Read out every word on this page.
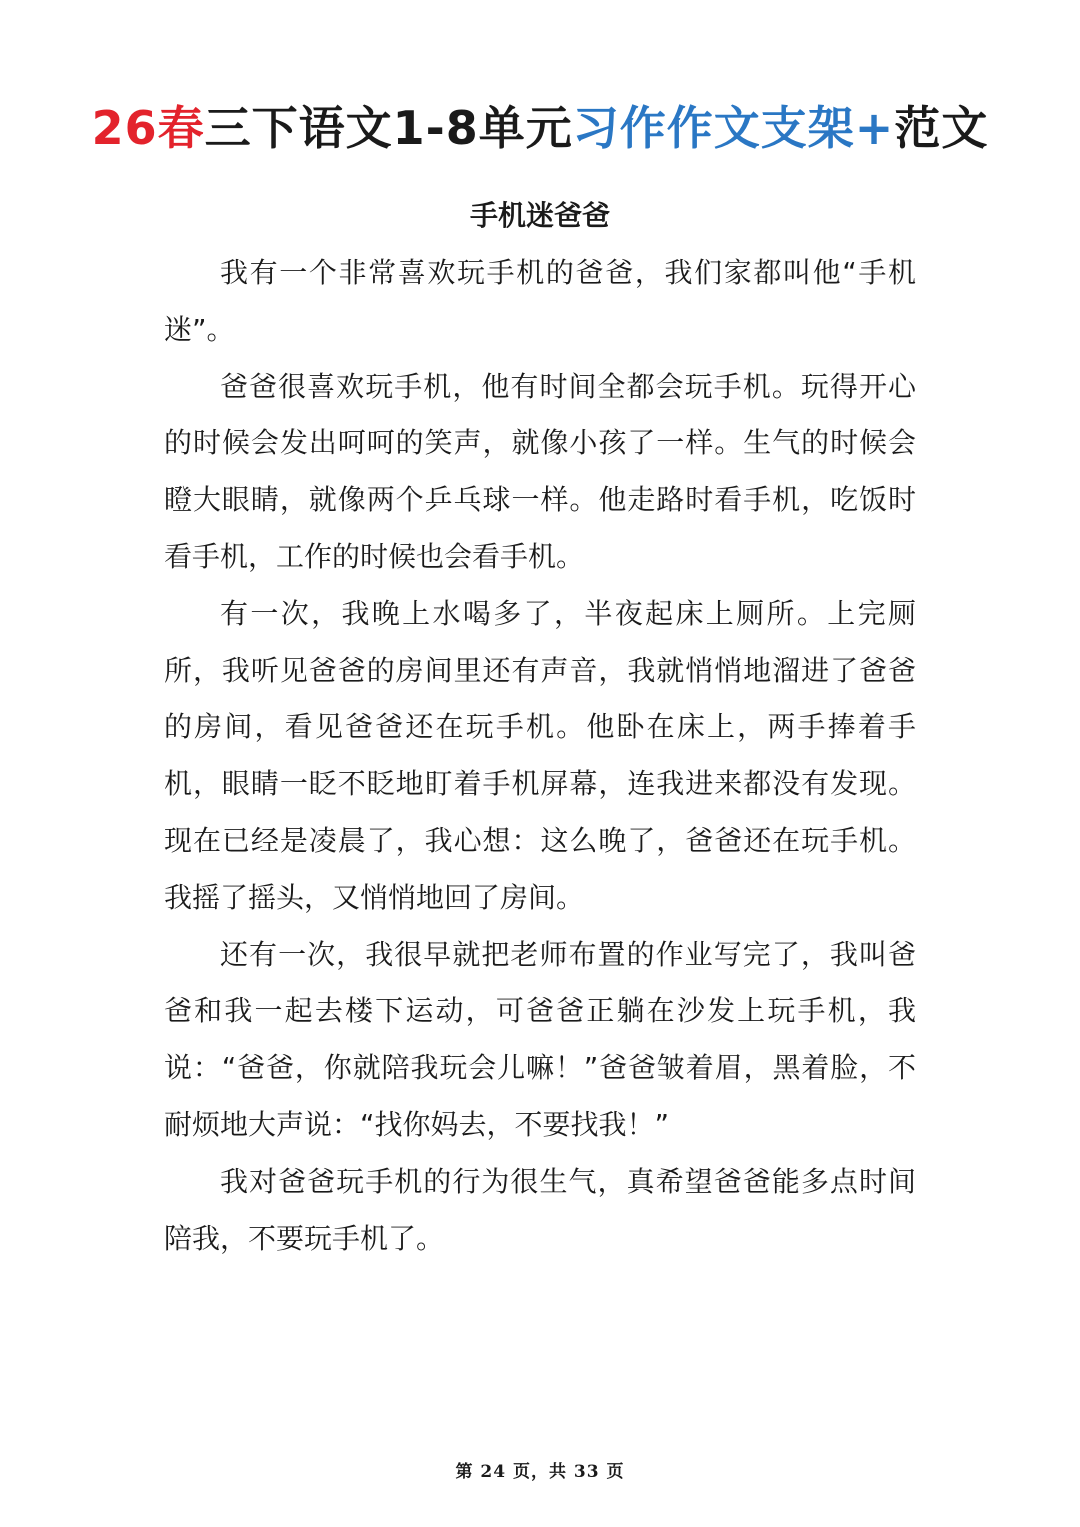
26春三下语文1-8单元习作作文支架+范文
手机迷爸爸

我有一个非常喜欢玩手机的爸爸，我们家都叫他“手机迷”。

爸爸很喜欢玩手机，他有时间全都会玩手机。玩得开心的时候会发出呵呵的笑声，就像小孩了一样。生气的时候会瞪大眼睛，就像两个乒乓球一样。他走路时看手机，吃饭时看手机，工作的时候也会看手机。

有一次，我晚上水喝多了，半夜起床上厕所。上完厕所，我听见爸爸的房间里还有声音，我就悄悄地溜进了爸爸的房间，看见爸爸还在玩手机。他卧在床上，两手捧着手机，眼睛一眨不眨地盯着手机屏幕，连我进来都没有发现。现在已经是凌晨了，我心想：这么晚了，爸爸还在玩手机。我摇了摇头，又悄悄地回了房间。

还有一次，我很早就把老师布置的作业写完了，我叫爸爸和我一起去楼下运动，可爸爸正躺在沙发上玩手机，我说：“爸爸，你就陪我玩会儿嘛！”爸爸皱着眉，黑着脸，不耐烦地大声说：“找你妈去，不要找我！”

我对爸爸玩手机的行为很生气，真希望爸爸能多点时间陪我，不要玩手机了。

第 24 页，共 33 页
